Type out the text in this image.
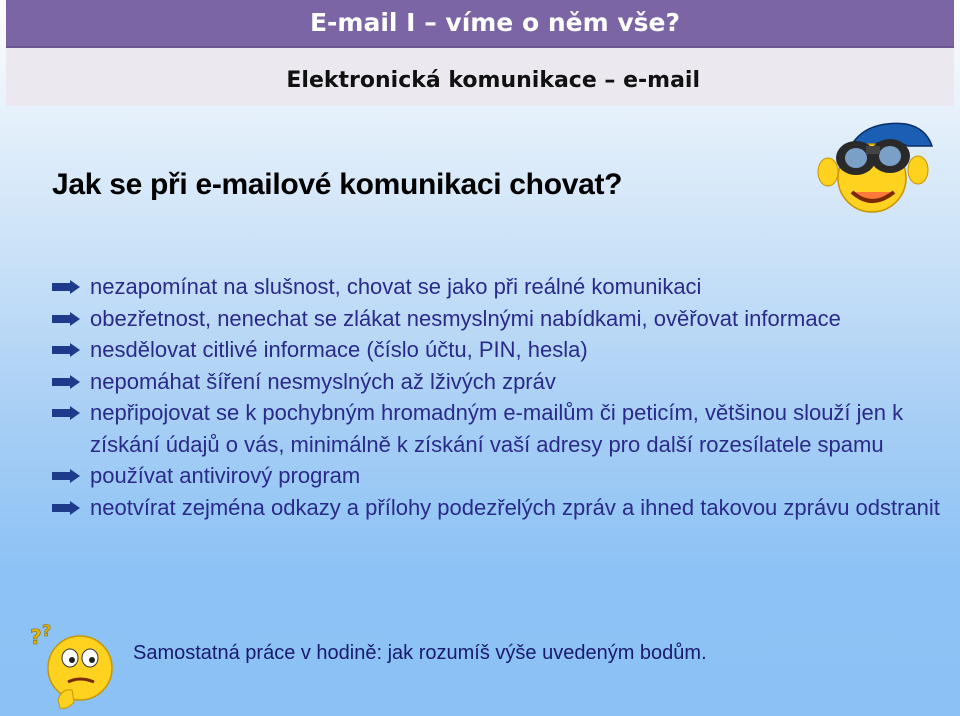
E-mail I – víme o něm vše?
Elektronická komunikace – e-mail
Jak se při e-mailové komunikaci chovat?
nezapomínat na slušnost, chovat se jako při reálné komunikaci
obezřetnost, nenechat se zlákat nesmyslnými nabídkami, ověřovat informace
nesdělovat citlivé informace (číslo účtu, PIN, hesla)
nepomáhat šíření nesmyslných až lživých zpráv
nepřipojovat se k pochybným hromadným e-mailům či peticím, většinou slouží jen k získání údajů o vás, minimálně k získání vaší adresy pro další rozesílatele spamu
používat antivirový program
neotvírat zejména odkazy a přílohy podezřelých zpráv a ihned takovou zprávu odstranit
? ?
Samostatná práce v hodině: jak rozumíš výše uvedeným bodům.
